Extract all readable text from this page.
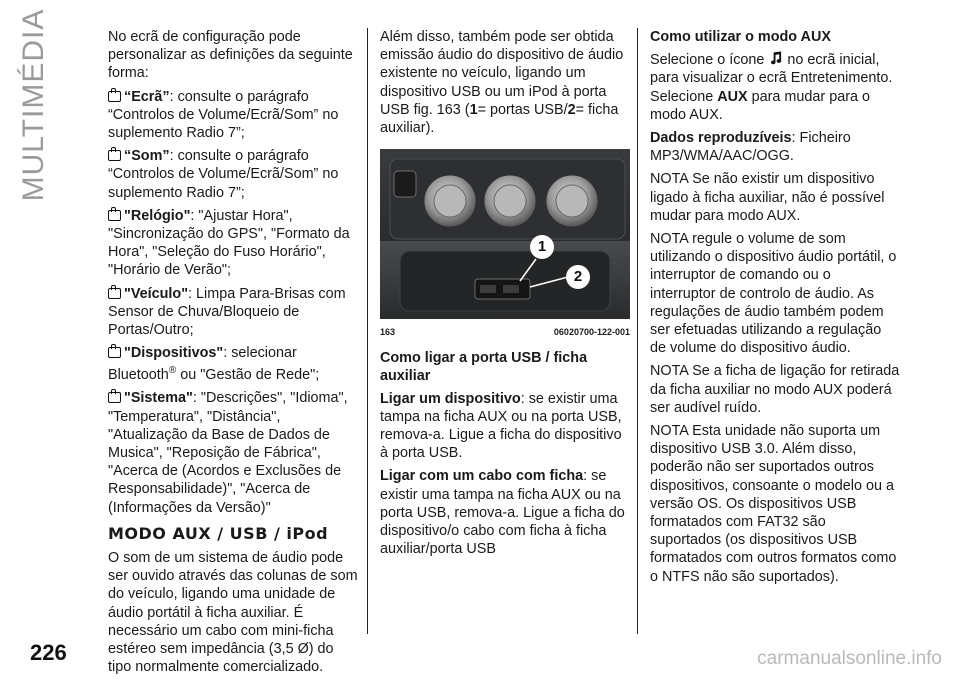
MULTIMÉDIA	No ecrã de configuração pode personalizar as definições da seguinte forma:

“Ecrã”: consulte o parágrafo “Controlos de Volume/Ecrã/Som” no suplemento Radio 7”;

“Som”: consulte o parágrafo “Controlos de Volume/Ecrã/Som” no suplemento Radio 7”;

"Relógio": "Ajustar Hora", "Sincronização do GPS", "Formato da Hora", "Seleção do Fuso Horário", "Horário de Verão";

"Veículo": Limpa Para-Brisas com Sensor de Chuva/Bloqueio de Portas/Outro;

"Dispositivos": selecionar
Bluetooth® ou "Gestão de Rede";

"Sistema": "Descrições", "Idioma", "Temperatura", "Distância", "Atualização da Base de Dados de Musica", "Reposição de Fábrica", "Acerca de (Acordos e Exclusões de Responsabilidade)", "Acerca de (Informações da Versão)"

MODO AUX / USB / iPod

O som de um sistema de áudio pode ser ouvido através das colunas de som do veículo, ligando uma unidade de áudio portátil à ficha auxiliar. É necessário um cabo com mini-ficha estéreo sem impedância (3,5 Ø) do tipo normalmente comercializado.

Além disso, também pode ser obtida emissão áudio do dispositivo de áudio existente no veículo, ligando um dispositivo USB ou um iPod à porta USB fig. 163 (1= portas USB/2= ficha auxiliar).

1
2
163	06020700-122-001
Como ligar a porta USB / ficha auxiliar

Ligar um dispositivo: se existir uma tampa na ficha AUX ou na porta USB, remova-a. Ligue a ficha do dispositivo à porta USB.

Ligar com um cabo com ficha: se existir uma tampa na ficha AUX ou na porta USB, remova-a. Ligue a ficha do dispositivo/o cabo com ficha à ficha auxiliar/porta USB

Como utilizar o modo AUX

Selecione o ícone no ecrã inicial, para visualizar o ecrã Entretenimento. Selecione AUX para mudar para o modo AUX.

Dados reproduzíveis: Ficheiro MP3/WMA/AAC/OGG.

NOTA Se não existir um dispositivo ligado à ficha auxiliar, não é possível mudar para modo AUX.

NOTA regule o volume de som utilizando o dispositivo áudio portátil, o interruptor de comando ou o interruptor de controlo de áudio. As regulações de áudio também podem ser efetuadas utilizando a regulação de volume do dispositivo áudio.

NOTA Se a ficha de ligação for retirada da ficha auxiliar no modo AUX poderá ser audível ruído.

NOTA Esta unidade não suporta um dispositivo USB 3.0. Além disso, poderão não ser suportados outros dispositivos, consoante o modelo ou a versão OS. Os dispositivos USB formatados com FAT32 são suportados (os dispositivos USB formatados com outros formatos como o NTFS não são suportados).

226	carmanualsonline.info
